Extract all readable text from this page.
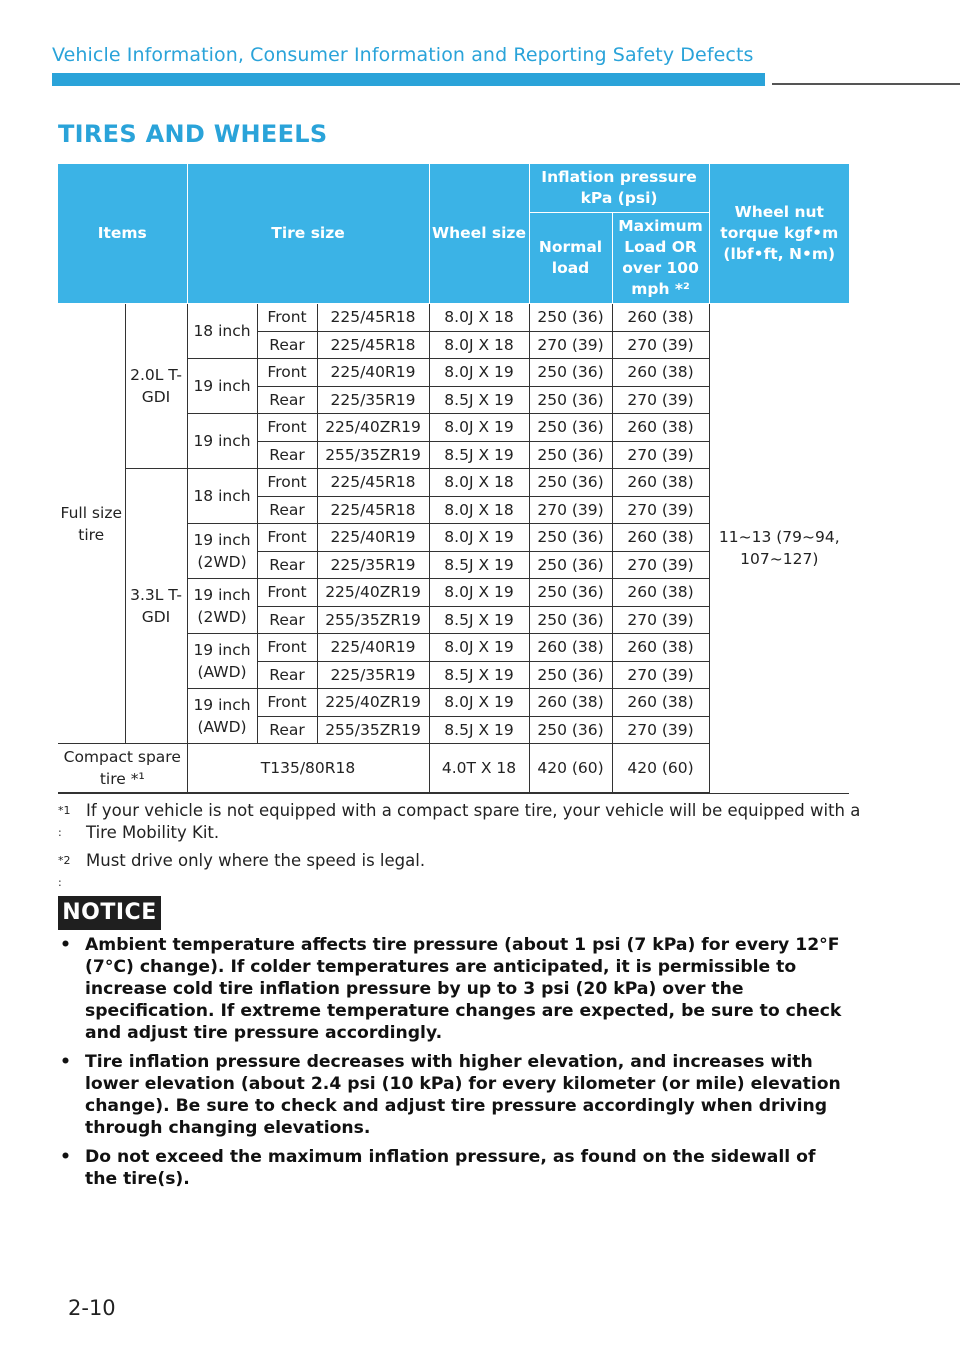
Vehicle Information, Consumer Information and Reporting Safety Defects
TIRES AND WHEELS
Items		Tire size			Wheel size	Inflation pressure kPa (psi)		Wheel nut torque kgf•m (lbf•ft, N•m)
						Normal load	Maximum Load OR over 100 mph *²	
Full size tire	2.0L T-GDI	18 inch	Front	225/45R18	8.0J X 18	250 (36)	260 (38)	11~13 (79~94, 107~127)
			Rear	225/45R18	8.0J X 18	270 (39)	270 (39)	
		19 inch	Front	225/40R19	8.0J X 19	250 (36)	260 (38)	
			Rear	225/35R19	8.5J X 19	250 (36)	270 (39)	
		19 inch	Front	225/40ZR19	8.0J X 19	250 (36)	260 (38)	
			Rear	255/35ZR19	8.5J X 19	250 (36)	270 (39)	
	3.3L T-GDI	18 inch	Front	225/45R18	8.0J X 18	250 (36)	260 (38)	
			Rear	225/45R18	8.0J X 18	270 (39)	270 (39)	
		19 inch (2WD)	Front	225/40R19	8.0J X 19	250 (36)	260 (38)	
			Rear	225/35R19	8.5J X 19	250 (36)	270 (39)	
		19 inch (2WD)	Front	225/40ZR19	8.0J X 19	250 (36)	260 (38)	
			Rear	255/35ZR19	8.5J X 19	250 (36)	270 (39)	
		19 inch (AWD)	Front	225/40R19	8.0J X 19	260 (38)	260 (38)	
			Rear	225/35R19	8.5J X 19	250 (36)	270 (39)	
		19 inch (AWD)	Front	225/40ZR19	8.0J X 19	260 (38)	260 (38)	
			Rear	255/35ZR19	8.5J X 19	250 (36)	270 (39)	
Compact spare tire *¹		T135/80R18			4.0T X 18	420 (60)	420 (60)	
*1 :
If your vehicle is not equipped with a compact spare tire, your vehicle will be equipped with a Tire Mobility Kit.
*2 :
Must drive only where the speed is legal.
NOTICE
• Ambient temperature affects tire pressure (about 1 psi (7 kPa) for every 12°F (7°C) change). If colder temperatures are anticipated, it is permissible to increase cold tire inflation pressure by up to 3 psi (20 kPa) over the specification. If extreme temperature changes are expected, be sure to check and adjust tire pressure accordingly.
• Tire inflation pressure decreases with higher elevation, and increases with lower elevation (about 2.4 psi (10 kPa) for every kilometer (or mile) elevation change). Be sure to check and adjust tire pressure accordingly when driving through changing elevations.
• Do not exceed the maximum inflation pressure, as found on the sidewall of the tire(s).
2-10
